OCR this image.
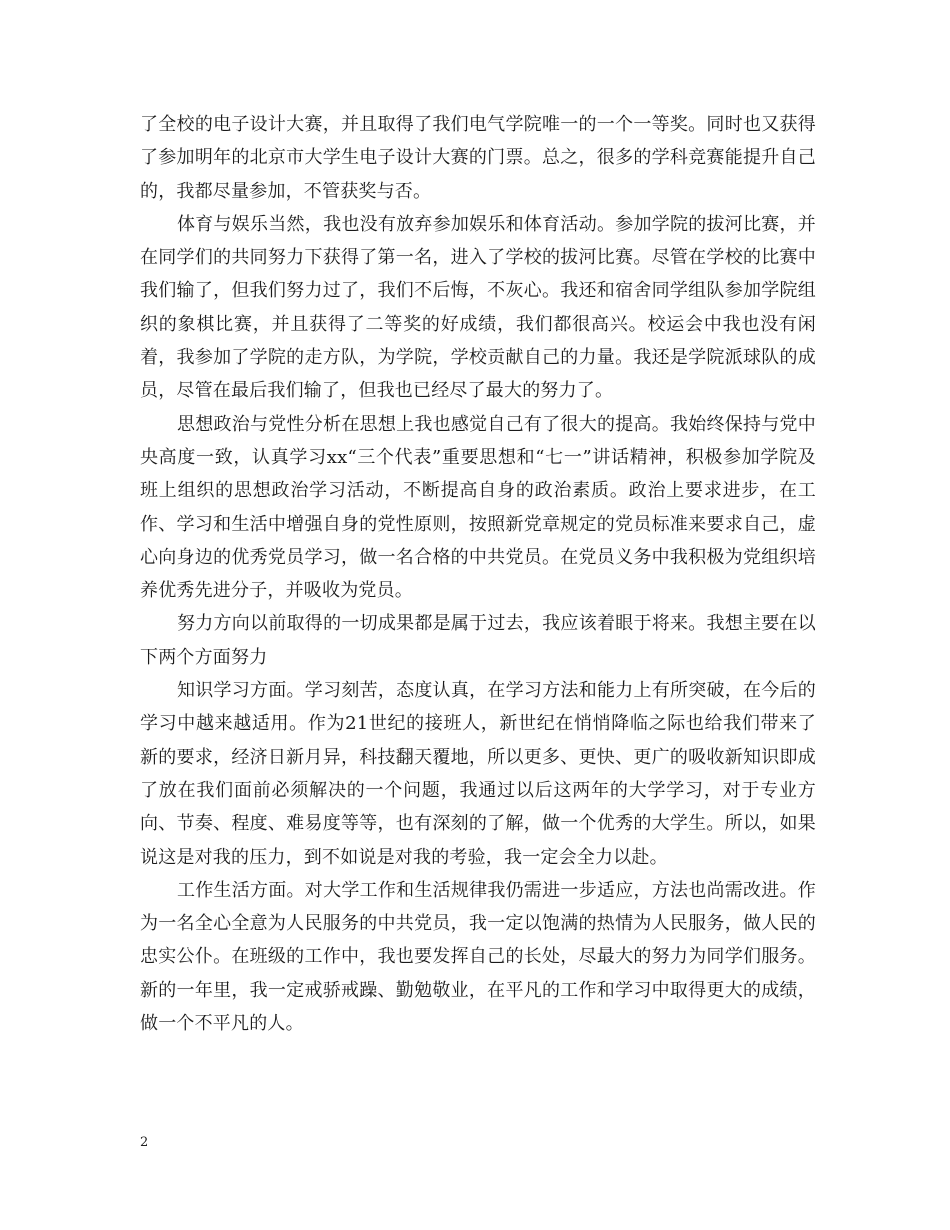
了全校的电子设计大赛，并且取得了我们电气学院唯一的一个一等奖。同时也又获得了参加明年的北京市大学生电子设计大赛的门票。总之，很多的学科竞赛能提升自己的，我都尽量参加，不管获奖与否。

体育与娱乐当然，我也没有放弃参加娱乐和体育活动。参加学院的拔河比赛，并在同学们的共同努力下获得了第一名，进入了学校的拔河比赛。尽管在学校的比赛中我们输了，但我们努力过了，我们不后悔，不灰心。我还和宿舍同学组队参加学院组织的象棋比赛，并且获得了二等奖的好成绩，我们都很高兴。校运会中我也没有闲着，我参加了学院的走方队，为学院，学校贡献自己的力量。我还是学院派球队的成员，尽管在最后我们输了，但我也已经尽了最大的努力了。

思想政治与党性分析在思想上我也感觉自己有了很大的提高。我始终保持与党中央高度一致，认真学习xx“三个代表”重要思想和“七一”讲话精神，积极参加学院及班上组织的思想政治学习活动，不断提高自身的政治素质。政治上要求进步，在工作、学习和生活中增强自身的党性原则，按照新党章规定的党员标准来要求自己，虚心向身边的优秀党员学习，做一名合格的中共党员。在党员义务中我积极为党组织培养优秀先进分子，并吸收为党员。

努力方向以前取得的一切成果都是属于过去，我应该着眼于将来。我想主要在以下两个方面努力

知识学习方面。学习刻苦，态度认真，在学习方法和能力上有所突破，在今后的学习中越来越适用。作为21世纪的接班人，新世纪在悄悄降临之际也给我们带来了新的要求，经济日新月异，科技翻天覆地，所以更多、更快、更广的吸收新知识即成了放在我们面前必须解决的一个问题，我通过以后这两年的大学学习，对于专业方向、节奏、程度、难易度等等，也有深刻的了解，做一个优秀的大学生。所以，如果说这是对我的压力，到不如说是对我的考验，我一定会全力以赴。

工作生活方面。对大学工作和生活规律我仍需进一步适应，方法也尚需改进。作为一名全心全意为人民服务的中共党员，我一定以饱满的热情为人民服务，做人民的忠实公仆。在班级的工作中，我也要发挥自己的长处，尽最大的努力为同学们服务。新的一年里，我一定戒骄戒躁、勤勉敬业，在平凡的工作和学习中取得更大的成绩，做一个不平凡的人。

2
